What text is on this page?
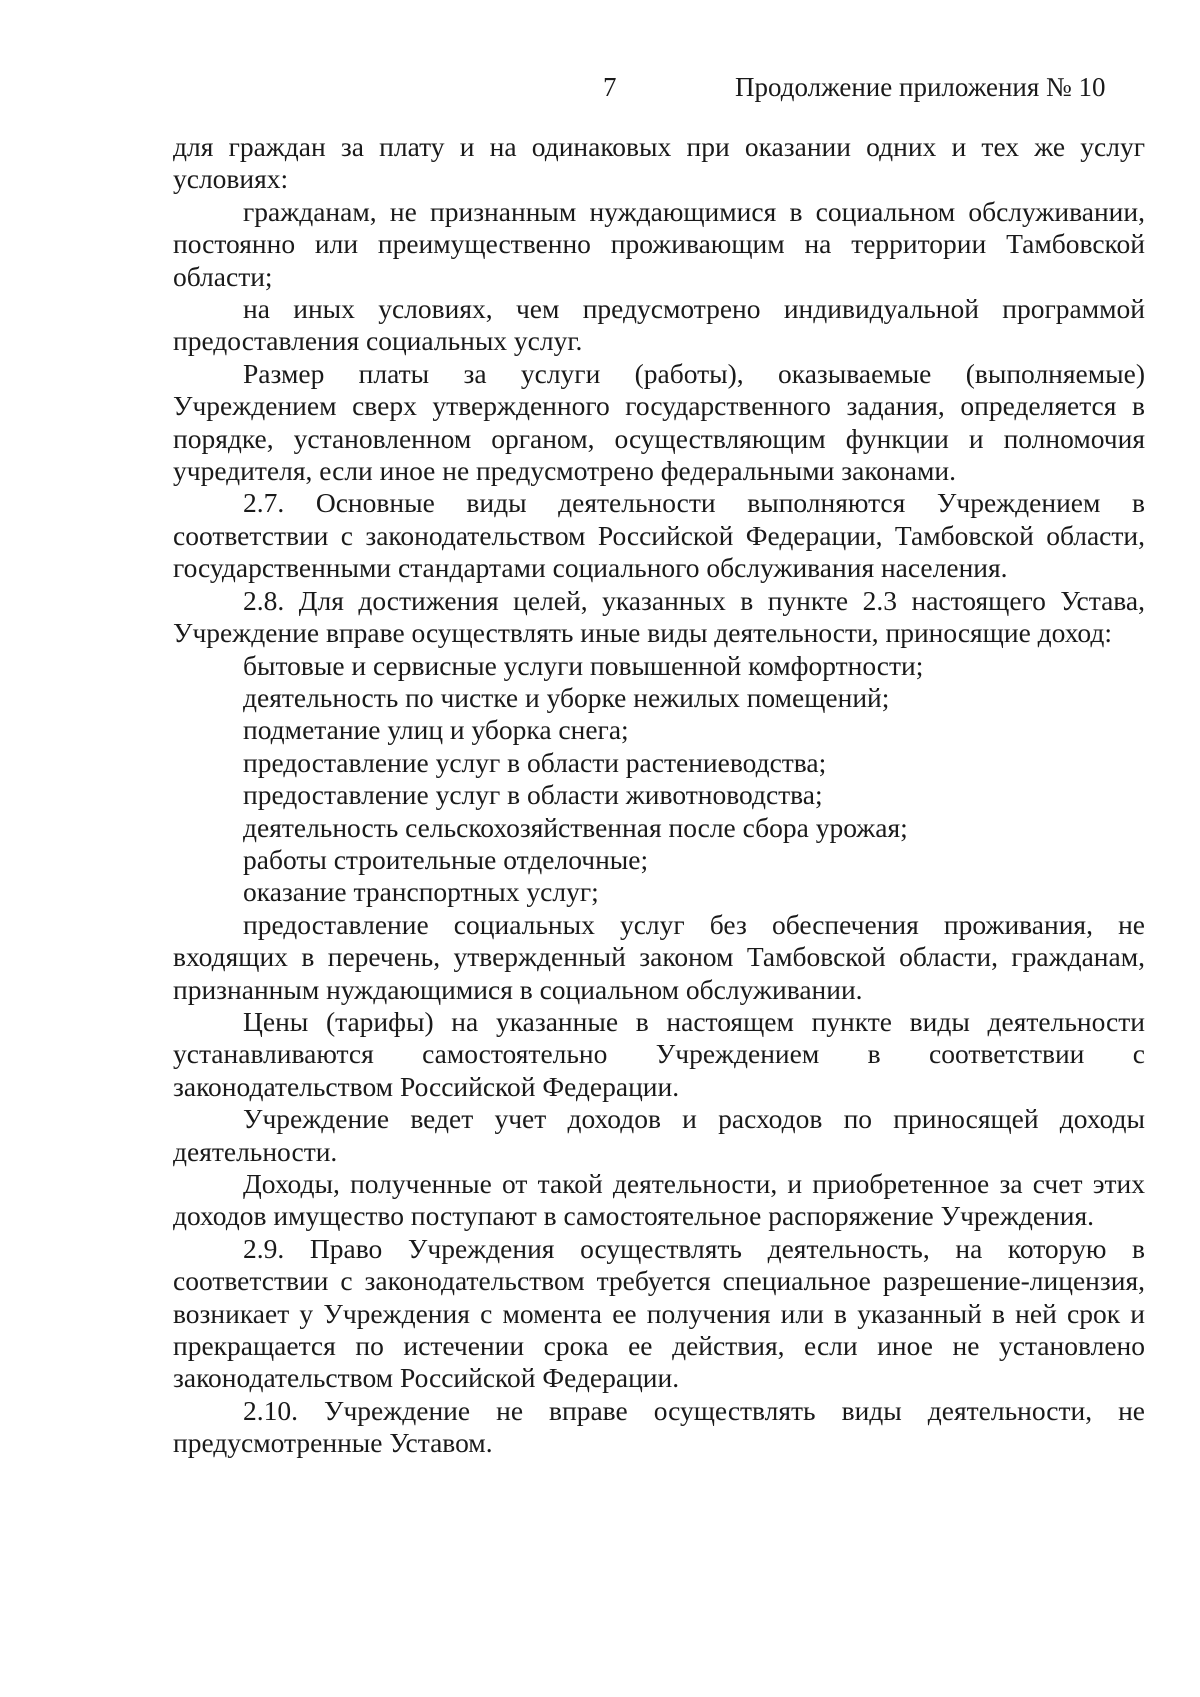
7	Продолжение приложения № 10

для граждан за плату и на одинаковых при оказании одних и тех же услуг условиях:

гражданам, не признанным нуждающимися в социальном обслуживании, постоянно или преимущественно проживающим на территории Тамбовской области;

на иных условиях, чем предусмотрено индивидуальной программой предоставления социальных услуг.

Размер платы за услуги (работы), оказываемые (выполняемые) Учреждением сверх утвержденного государственного задания, определяется в порядке, установленном органом, осуществляющим функции и полномочия учредителя, если иное не предусмотрено федеральными законами.

2.7. Основные виды деятельности выполняются Учреждением в соответствии с законодательством Российской Федерации, Тамбовской области, государственными стандартами социального обслуживания населения.

2.8. Для достижения целей, указанных в пункте 2.3 настоящего Устава, Учреждение вправе осуществлять иные виды деятельности, приносящие доход:

бытовые и сервисные услуги повышенной комфортности;

деятельность по чистке и уборке нежилых помещений;

подметание улиц и уборка снега;

предоставление услуг в области растениеводства;

предоставление услуг в области животноводства;

деятельность сельскохозяйственная после сбора урожая;

работы строительные отделочные;

оказание транспортных услуг;

предоставление социальных услуг без обеспечения проживания, не входящих в перечень, утвержденный законом Тамбовской области, гражданам, признанным нуждающимися в социальном обслуживании.

Цены (тарифы) на указанные в настоящем пункте виды деятельности устанавливаются самостоятельно Учреждением в соответствии с законодательством Российской Федерации.

Учреждение ведет учет доходов и расходов по приносящей доходы деятельности.

Доходы, полученные от такой деятельности, и приобретенное за счет этих доходов имущество поступают в самостоятельное распоряжение Учреждения.

2.9. Право Учреждения осуществлять деятельность, на которую в соответствии с законодательством требуется специальное разрешение-лицензия, возникает у Учреждения с момента ее получения или в указанный в ней срок и прекращается по истечении срока ее действия, если иное не установлено законодательством Российской Федерации.

2.10. Учреждение не вправе осуществлять виды деятельности, не предусмотренные Уставом.
